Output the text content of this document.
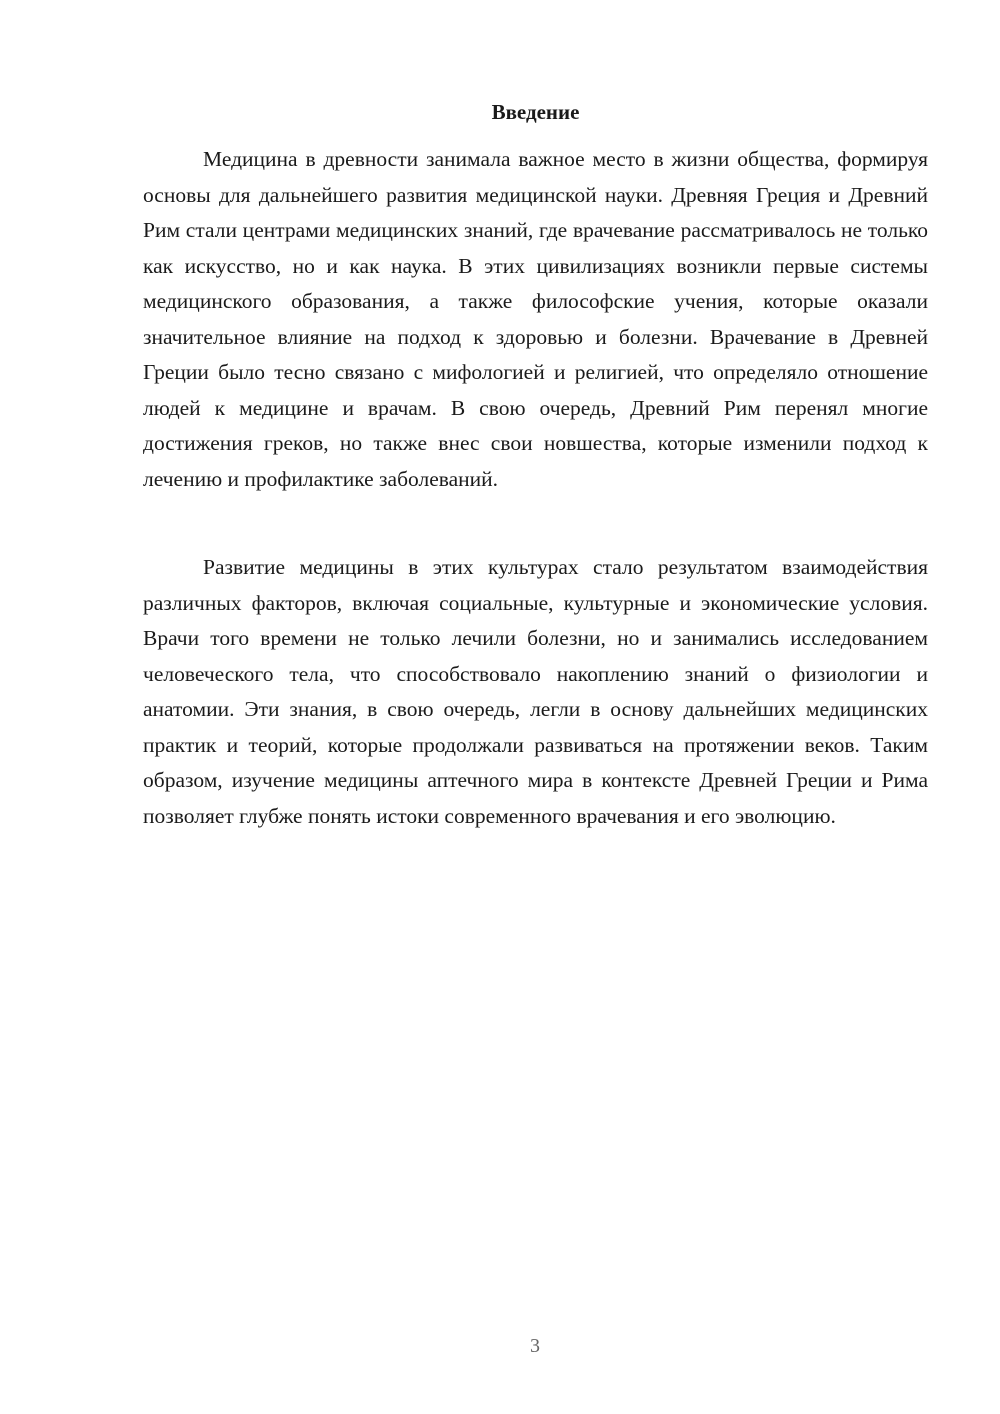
Введение

Медицина в древности занимала важное место в жизни общества, формируя основы для дальнейшего развития медицинской науки. Древняя Греция и Древний Рим стали центрами медицинских знаний, где врачевание рассматривалось не только как искусство, но и как наука. В этих цивилизациях возникли первые системы медицинского образования, а также философские учения, которые оказали значительное влияние на подход к здоровью и болезни. Врачевание в Древней Греции было тесно связано с мифологией и религией, что определяло отношение людей к медицине и врачам. В свою очередь, Древний Рим перенял многие достижения греков, но также внес свои новшества, которые изменили подход к лечению и профилактике заболеваний.

Развитие медицины в этих культурах стало результатом взаимодействия различных факторов, включая социальные, культурные и экономические условия. Врачи того времени не только лечили болезни, но и занимались исследованием человеческого тела, что способствовало накоплению знаний о физиологии и анатомии. Эти знания, в свою очередь, легли в основу дальнейших медицинских практик и теорий, которые продолжали развиваться на протяжении веков. Таким образом, изучение медицины аптечного мира в контексте Древней Греции и Рима позволяет глубже понять истоки современного врачевания и его эволюцию.

3
